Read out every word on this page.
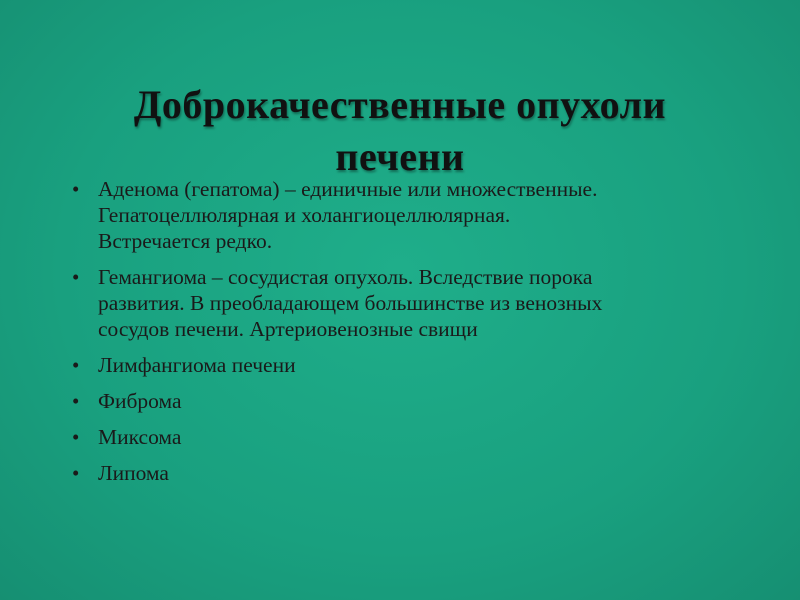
Доброкачественные опухоли
печени
• Аденома (гепатома) – единичные или множественные.
Гепатоцеллюлярная и холангиоцеллюлярная.
Встречается редко.
• Гемангиома – сосудистая опухоль. Вследствие порока
развития. В преобладающем большинстве из венозных
сосудов печени. Артериовенозные свищи
• Лимфангиома печени
• Фиброма
• Миксома
• Липома
